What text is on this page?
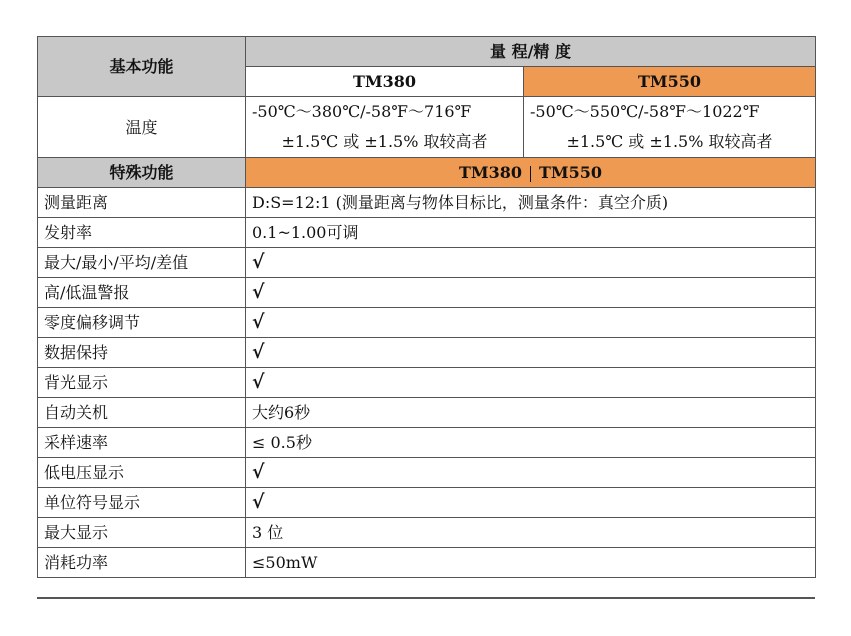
基本功能	量 程/精 度	
	TM380	TM550
温度	-50℃～380℃/-58℉～716℉	-50℃～550℃/-58℉～1022℉
	±1.5℃ 或 ±1.5% 取较高者	±1.5℃ 或 ±1.5% 取较高者
特殊功能	TM380 TM550	
测量距离	D:S=12:1 (测量距离与物体目标比，测量条件：真空介质)	
发射率	0.1~1.00可调	
最大/最小/平均/差值	√	
高/低温警报	√	
零度偏移调节	√	
数据保持	√	
背光显示	√	
自动关机	大约6秒	
采样速率	≤ 0.5秒	
低电压显示	√	
单位符号显示	√	
最大显示	3 位	
消耗功率	≤50mW	
